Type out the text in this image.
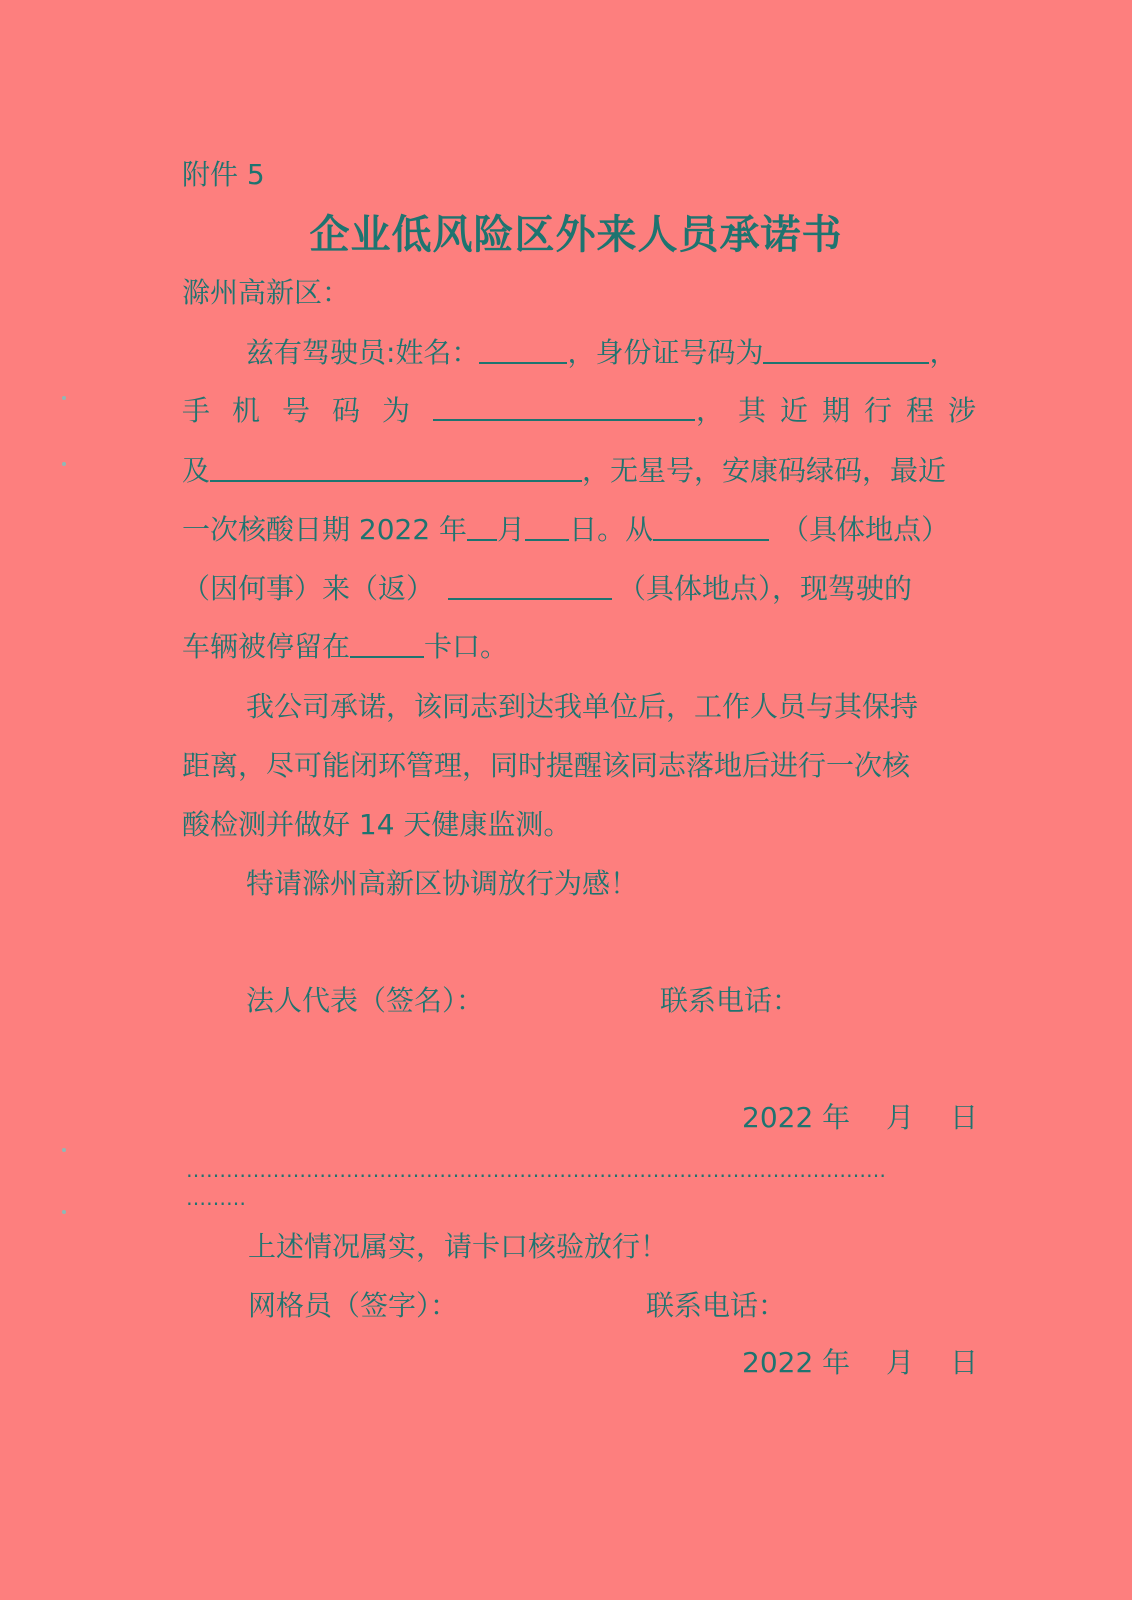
附件 5
企业低风险区外来人员承诺书
滁州高新区：
兹有驾驶员:姓名：	，身份证号码为	，
手机号码为	，其近期行程涉
及	，无星号，安康码绿码，最近
一次核酸日期 2022 年 月 日。从	（具体地点）
（因何事）来（返）	（具体地点），现驾驶的
车辆被停留在	卡口。
我公司承诺，该同志到达我单位后，工作人员与其保持
距离，尽可能闭环管理，同时提醒该同志落地后进行一次核
酸检测并做好 14 天健康监测。
特请滁州高新区协调放行为感！
法人代表（签名）：	联系电话：
2022 年 月 日
……………………………………………………………………………………………
………
上述情况属实，请卡口核验放行！
网格员（签字）：	联系电话：
2022 年 月 日
